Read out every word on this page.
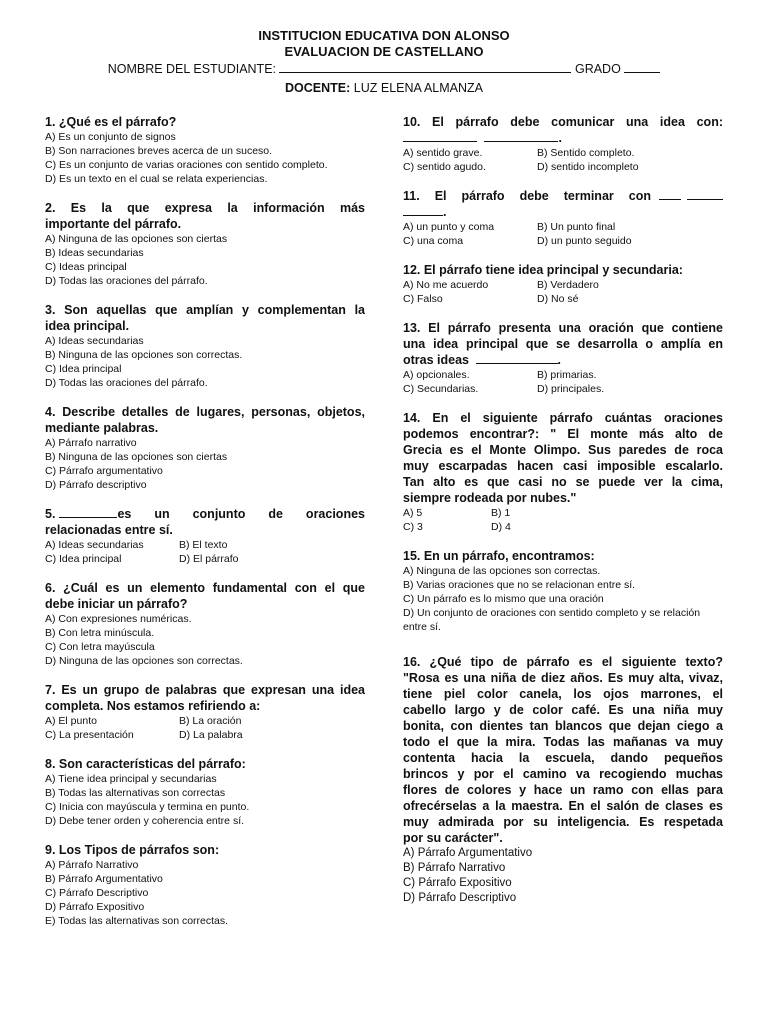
INSTITUCION EDUCATIVA DON ALONSO
EVALUACION DE CASTELLANO
NOMBRE DEL ESTUDIANTE:	GRADO
DOCENTE: LUZ ELENA ALMANZA
1. ¿Qué es el párrafo?
A) Es un conjunto de signos
B) Son narraciones breves acerca de un suceso.
C) Es un conjunto de varias oraciones con sentido completo.
D) Es un texto en el cual se relata experiencias.
2. Es la que expresa la información más
importante del párrafo.
A) Ninguna de las opciones son ciertas
B) Ideas secundarias
C) Ideas principal
D) Todas las oraciones del párrafo.
3. Son aquellas que amplían y complementan la
idea principal.
A) Ideas secundarias
B) Ninguna de las opciones son correctas.
C) Idea principal
D) Todas las oraciones del párrafo.
4. Describe detalles de lugares, personas, objetos,
mediante palabras.
A) Párrafo narrativo
B) Ninguna de las opciones son ciertas
C) Párrafo argumentativo
D) Párrafo descriptivo
5.	es un conjunto de oraciones
relacionadas entre sí.
A) Ideas secundarias	B) El texto
C) Idea principal	D) El párrafo
6. ¿Cuál es un elemento fundamental con el que
debe iniciar un párrafo?
A) Con expresiones numéricas.
B) Con letra minúscula.
C) Con letra mayúscula
D) Ninguna de las opciones son correctas.
7. Es un grupo de palabras que expresan una idea
completa. Nos estamos refiriendo a:
A) El punto	B) La oración
C) La presentación	D) La palabra
8. Son características del párrafo:
A) Tiene idea principal y secundarias
B) Todas las alternativas son correctas
C) Inicia con mayúscula y termina en punto.
D) Debe tener orden y coherencia entre sí.
9. Los Tipos de párrafos son:
A) Párrafo Narrativo
B) Párrafo Argumentativo
C) Párrafo Descriptivo
D) Párrafo Expositivo
E) Todas las alternativas son correctas.
10. El párrafo debe comunicar una idea con:
.
A) sentido grave.	B) Sentido completo.
C) sentido agudo.	D) sentido incompleto
11. El párrafo debe terminar con
.
A) un punto y coma	B) Un punto final
C) una coma	D) un punto seguido
12. El párrafo tiene idea principal y secundaria:
A) No me acuerdo	B) Verdadero
C) Falso	D) No sé
13. El párrafo presenta una oración que contiene
una idea principal que se desarrolla o amplía en
otras ideas	.
A) opcionales.	B) primarias.
C) Secundarias.	D) principales.
14. En el siguiente párrafo cuántas oraciones
podemos encontrar?: " El monte más alto de
Grecia es el Monte Olimpo. Sus paredes de roca
muy escarpadas hacen casi imposible escalarlo.
Tan alto es que casi no se puede ver la cima,
siempre rodeada por nubes."
A) 5	B) 1
C) 3	D) 4
15. En un párrafo, encontramos:
A) Ninguna de las opciones son correctas.
B) Varias oraciones que no se relacionan entre sí.
C) Un párrafo es lo mismo que una oración
D) Un conjunto de oraciones con sentido completo y se relación
entre sí.
16. ¿Qué tipo de párrafo es el siguiente texto?
"Rosa es una niña de diez años. Es muy alta, vivaz,
tiene piel color canela, los ojos marrones, el
cabello largo y de color café. Es una niña muy
bonita, con dientes tan blancos que dejan ciego a
todo el que la mira. Todas las mañanas va muy
contenta hacia la escuela, dando pequeños
brincos y por el camino va recogiendo muchas
flores de colores y hace un ramo con ellas para
ofrecérselas a la maestra. En el salón de clases es
muy admirada por su inteligencia. Es respetada
por su carácter".
A) Párrafo Argumentativo
B) Párrafo Narrativo
C) Párrafo Expositivo
D) Párrafo Descriptivo
